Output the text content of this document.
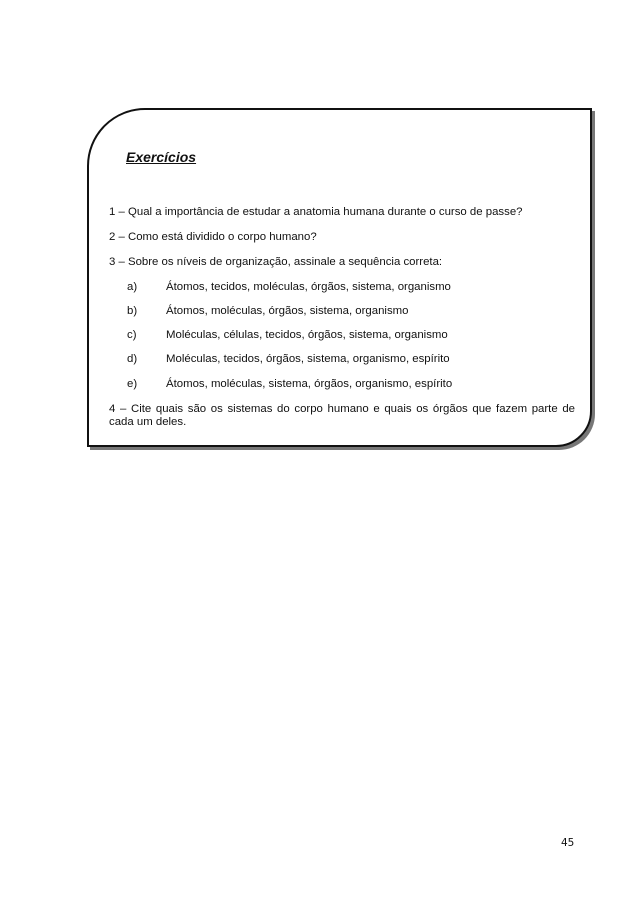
Exercícios

1 – Qual a importância de estudar a anatomia humana durante o curso de passe?

2 – Como está dividido o corpo humano?

3 – Sobre os níveis de organização, assinale a sequência correta:

a)	Átomos, tecidos, moléculas, órgãos, sistema, organismo
b)	Átomos, moléculas, órgãos, sistema, organismo
c)	Moléculas, células, tecidos, órgãos, sistema, organismo
d)	Moléculas, tecidos, órgãos, sistema, organismo, espírito
e)	Átomos, moléculas, sistema, órgãos, organismo, espírito

4 – Cite quais são os sistemas do corpo humano e quais os órgãos que fazem parte de cada um deles.

45
